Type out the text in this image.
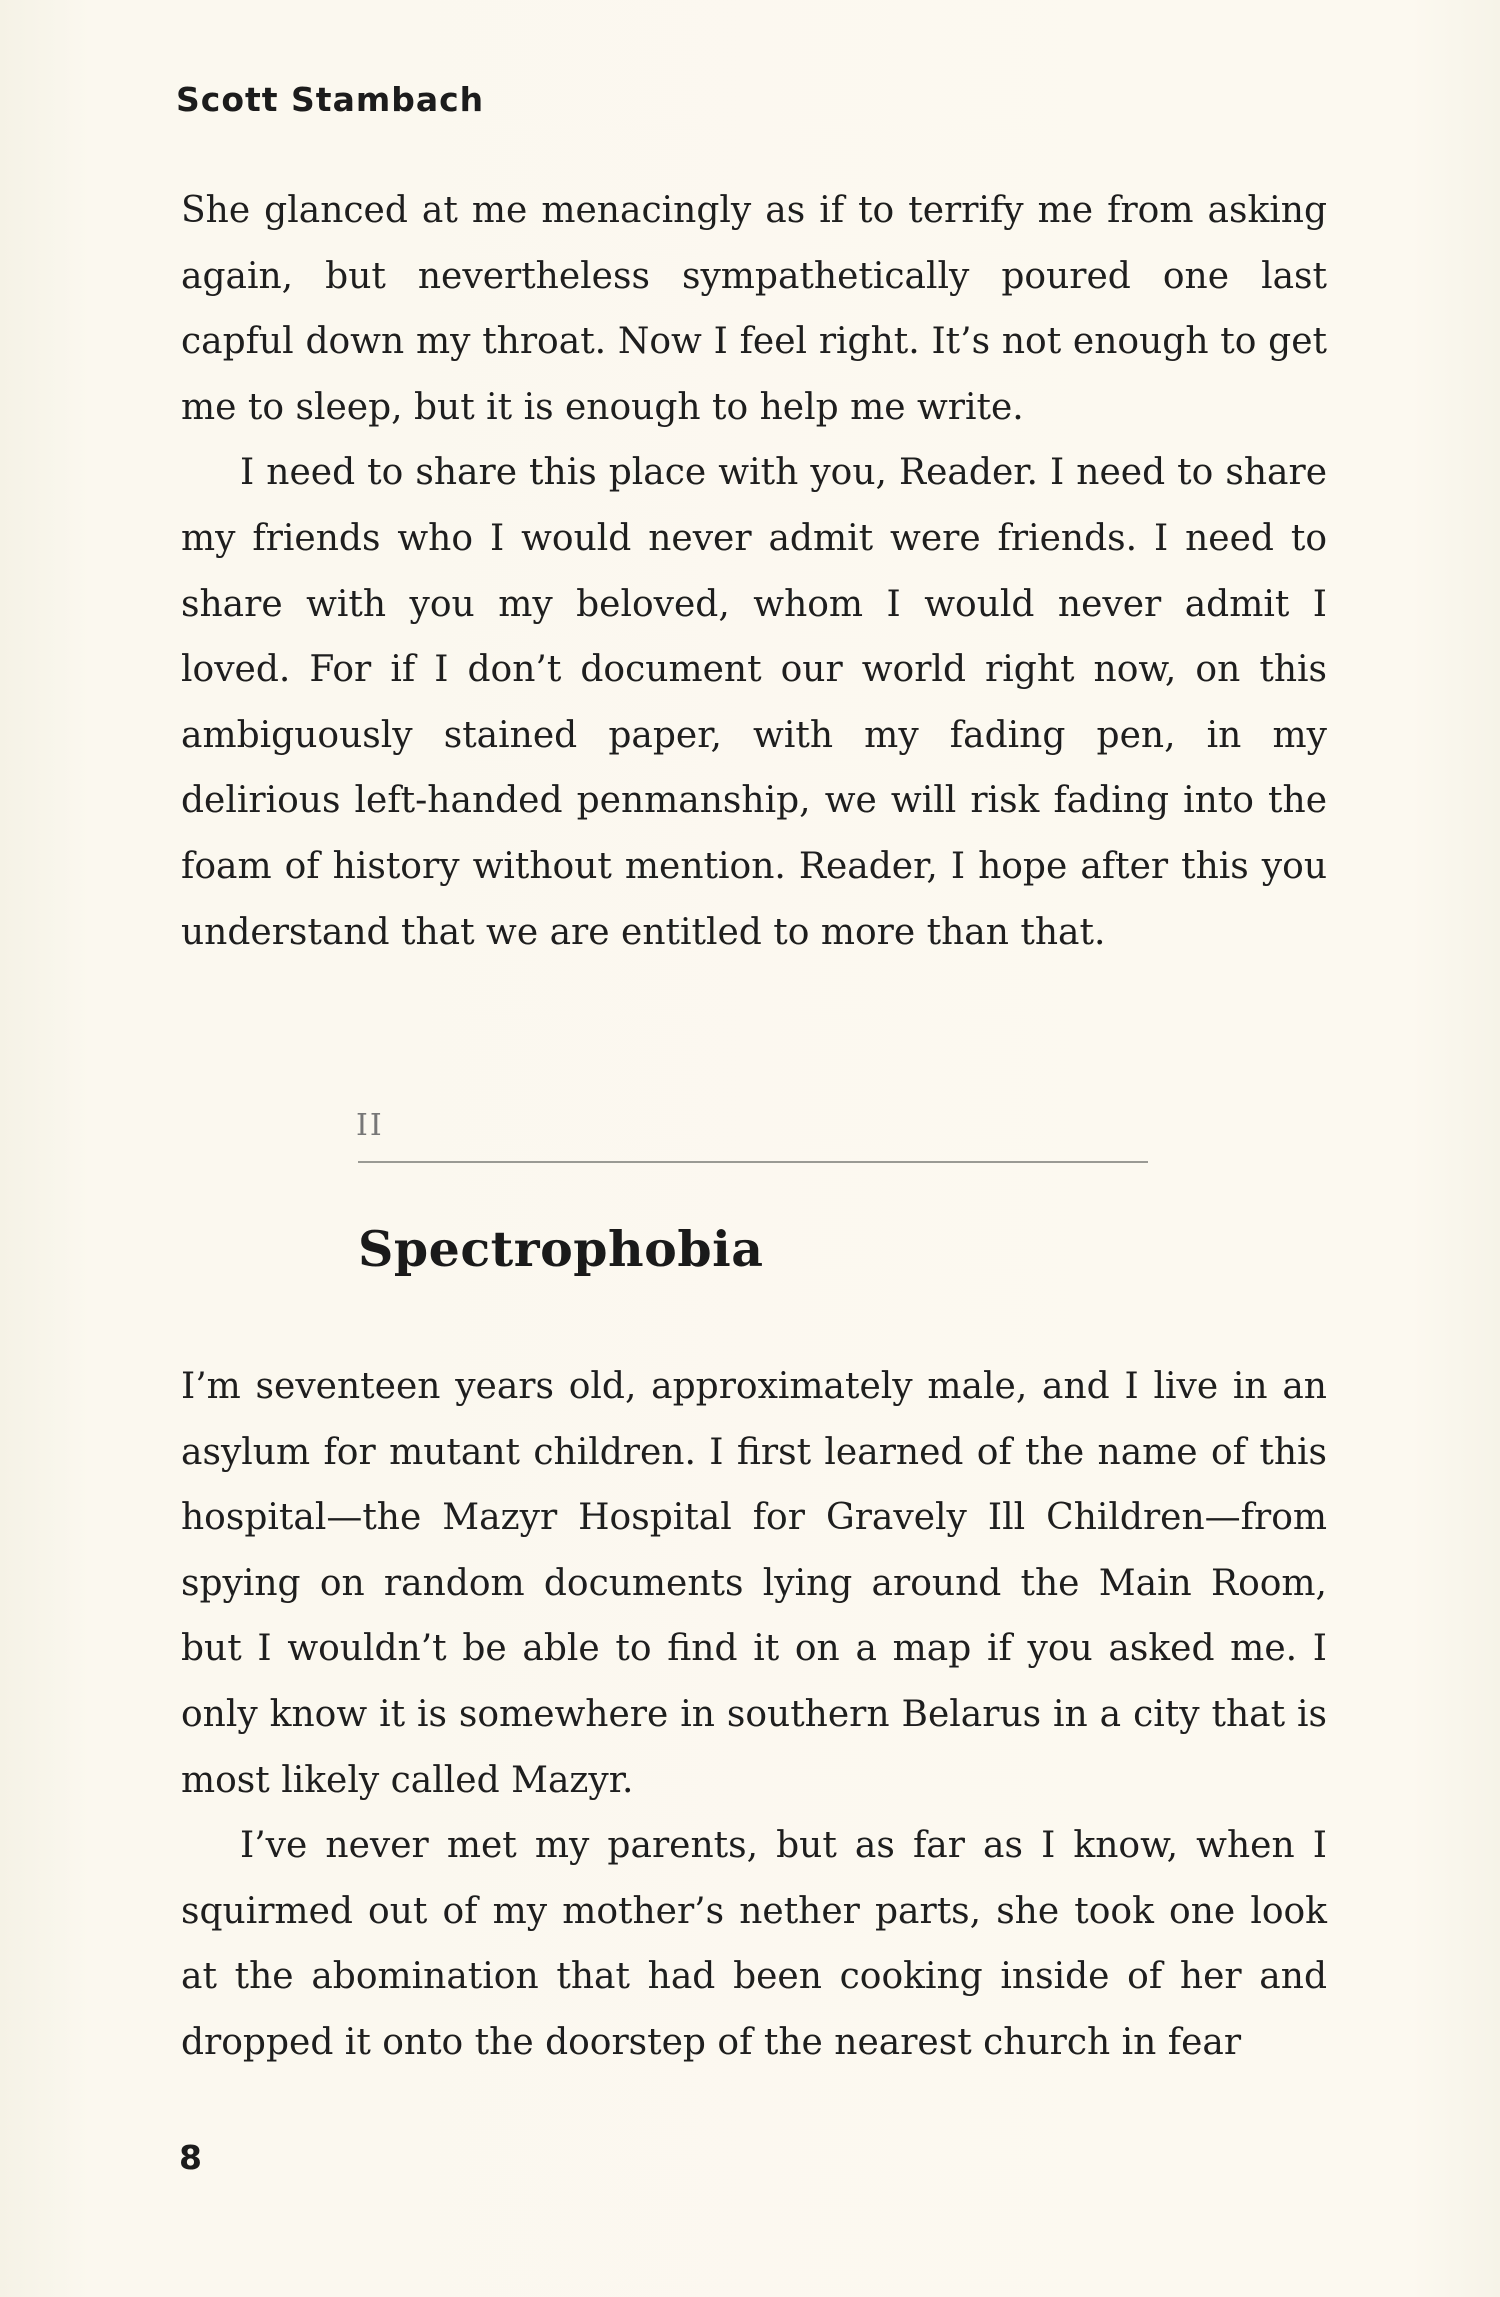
Scott Stambach

She glanced at me menacingly as if to terrify me from asking again, but nevertheless sympathetically poured one last capful down my throat. Now I feel right. It’s not enough to get me to sleep, but it is enough to help me write.

I need to share this place with you, Reader. I need to share my friends who I would never admit were friends. I need to share with you my beloved, whom I would never admit I loved. For if I don’t document our world right now, on this ambiguously stained paper, with my fading pen, in my delirious left-handed penmanship, we will risk fading into the foam of history without mention. Reader, I hope after this you understand that we are entitled to more than that.

II
Spectrophobia

I’m seventeen years old, approximately male, and I live in an asylum for mutant children. I first learned of the name of this hospital—the Mazyr Hospital for Gravely Ill Children—from spying on random documents lying around the Main Room, but I wouldn’t be able to find it on a map if you asked me. I only know it is somewhere in southern Belarus in a city that is most likely called Mazyr.

I’ve never met my parents, but as far as I know, when I squirmed out of my mother’s nether parts, she took one look at the abomination that had been cooking inside of her and dropped it onto the doorstep of the nearest church in fear

8
